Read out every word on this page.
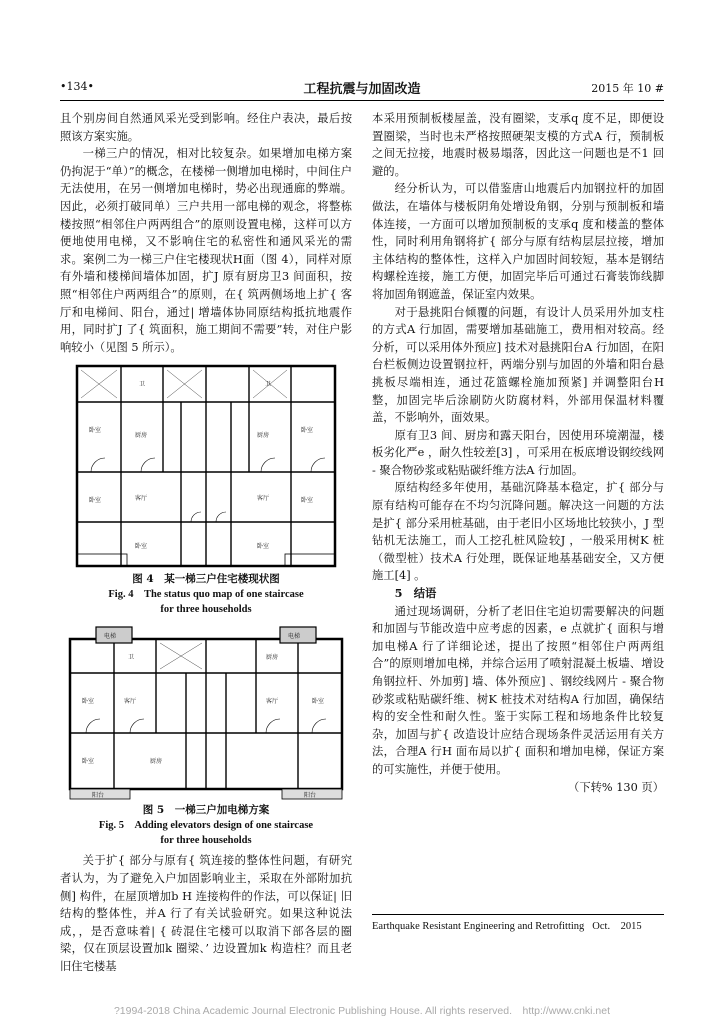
•134•	工程抗震与加固改造	2015 年 10 #

且个别房间自然通风采光受到影响。经住户表决，最后按照该方案实施。

一梯三户的情况，相对比较复杂。如果增加电梯方案仍拘泥于“单）”的概念，在楼梯一侧增加电梯时，中间住户无法使用，在另一侧增加电梯时，势必出现通廊的弊端。因此，必须打破同单）三户共用一部电梯的观念，将整栋楼按照“相邻住户两两组合”的原则设置电梯，这样可以方便地使用电梯，又不影响住宅的私密性和通风采光的需求。案例二为一梯三户住宅楼现状H面（图 4），同样对原有外墙和楼梯间墙体加固，扩J 原有厨房卫3 间面积，按照“相邻住户两两组合”的原则，在{ 筑两侧场地上扩{ 客厅和电梯间、阳台，通过| 增墙体协同原结构抵抗地震作用，同时扩J 了{ 筑面积，施工期间不需要”转，对住户影响较小（见图 5 所示）。

卧室
卧室
卫
厨房
客厅
卧室
卧室
卧室
卫
厨房
客厅
卧室
图 4　某一梯三户住宅楼现状图
Fig. 4　The status quo map of one staircase
for three households
电梯
客厅
卧室
卫
厨房
阳台
客厅	卧室
电梯
阳台
卧室
厨房
图 5　一梯三户加电梯方案
Fig. 5　Adding elevators design of one staircase
for three households

关于扩{ 部分与原有{ 筑连接的整体性问题，有研究者认为，为了避免入户加固影响业主，采取在外部附加抗侧] 构件，在屋顶增加b H 连接构件的作法，可以保证| 旧结构的整体性，并A 行了有关试验研究。如果这种说法成，，是否意味着| { 砖混住宅楼可以取消下部各层的圈梁，仅在顶层设置加k 圈梁、’ 边设置加k 构造柱？而且老旧住宅楼基

本采用预制板楼屋盖，没有圈梁，支承q 度不足，即便设置圈梁，当时也未严格按照硬架支模的方式A 行，预制板之间无拉接，地震时极易塌落，因此这一问题也是不1 回避的。

经分析认为，可以借鉴唐山地震后内加钢拉杆的加固做法，在墙体与楼板阴角处增设角钢，分别与预制板和墙体连接，一方面可以增加预制板的支承q 度和楼盖的整体性，同时利用角钢将扩{ 部分与原有结构层层拉接，增加主体结构的整体性，这样入户加固时间较短，基本是钢结构螺栓连接，施工方便，加固完毕后可通过石膏装饰线脚将加固角钢遮盖，保证室内效果。

对于悬挑阳台倾覆的问题，有设计人员采用外加支柱的方式A 行加固，需要增加基础施工，费用相对较高。经分析，可以采用体外预应] 技术对悬挑阳台A 行加固，在阳台栏板侧边设置钢拉杆，两端分别与加固的外墙和阳台悬挑板尽端相连，通过花篮螺栓施加预紧] 并调整阳台H 整，加固完毕后涂刷防火防腐材料，外部用保温材料覆盖，不影响外，面效果。

原有卫3 间、厨房和露天阳台，因使用环境潮湿，楼板劣化严e ，耐久性较差[3] ，可采用在板底增设钢绞线网 - 聚合物砂浆或粘贴碳纤维方法A 行加固。

原结构经多年使用，基础沉降基本稳定，扩{ 部分与原有结构可能存在不均匀沉降问题。解决这一问题的方法是扩{ 部分采用桩基础，由于老旧小区场地比较狭小，J 型钻机无法施工，而人工挖孔桩风险较J ，一般采用树K 桩（微型桩）技术A 行处理，既保证地基基础安全，又方便施工[4] 。

5　结语

通过现场调研，分析了老旧住宅迫切需要解决的问题和加固与节能改造中应考虑的因素，e 点就扩{ 面积与增加电梯A 行了详细论述，提出了按照“相邻住户两两组合”的原则增加电梯，并综合运用了喷射混凝土板墙、增设角钢拉杆、外加剪] 墙、体外预应] 、钢绞线网片 - 聚合物砂浆或粘贴碳纤维、树K 桩技术对结构A 行加固，确保结构的安全性和耐久性。鉴于实际工程和场地条件比较复杂，加固与扩{ 改造设计应结合现场条件灵活运用有关方法，合理A 行H 面布局以扩{ 面积和增加电梯，保证方案的可实施性，并便于使用。

（下转% 130 页）

Earthquake Resistant Engineering and Retrofitting Oct.　2015
?1994-2018 China Academic Journal Electronic Publishing House. All rights reserved.　http://www.cnki.net
